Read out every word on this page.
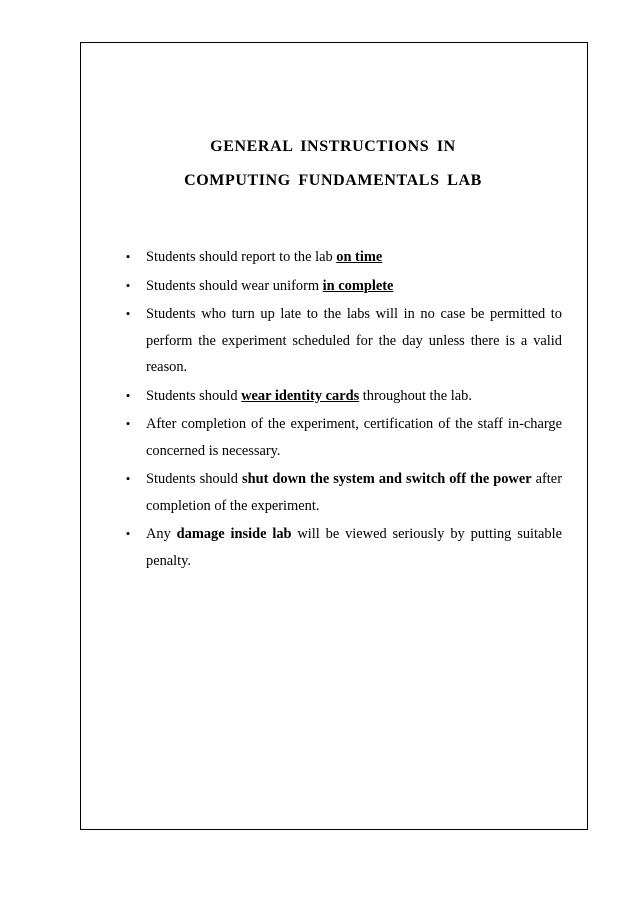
GENERAL INSTRUCTIONS IN
COMPUTING FUNDAMENTALS LAB
• Students should report to the lab on time
• Students should wear uniform in complete
• Students who turn up late to the labs will in no case be permitted to perform the experiment scheduled for the day unless there is a valid reason.
• Students should wear identity cards throughout the lab.
• After completion of the experiment, certification of the staff in-charge concerned is necessary.
• Students should shut down the system and switch off the power after completion of the experiment.
• Any damage inside lab will be viewed seriously by putting suitable penalty.
